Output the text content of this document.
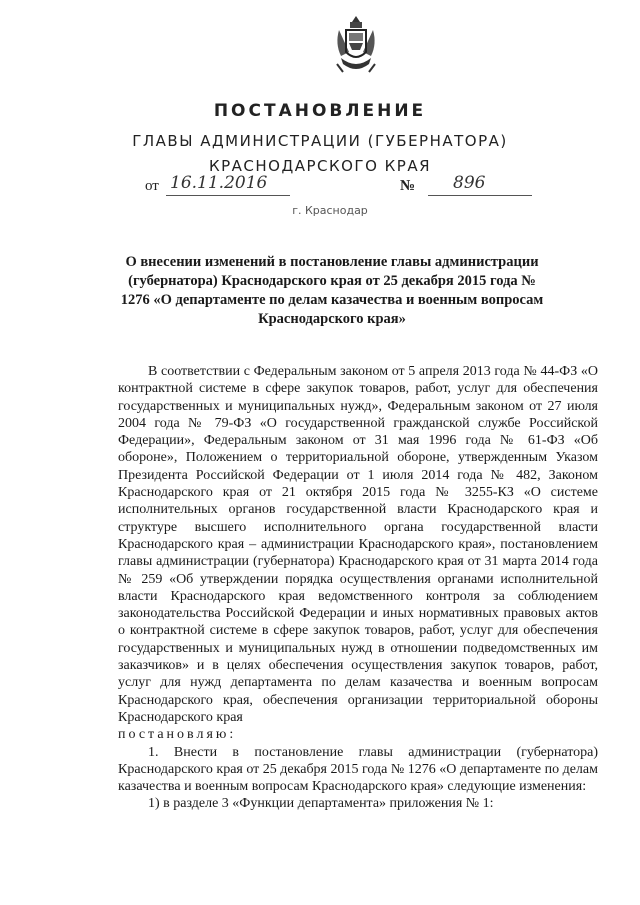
ПОСТАНОВЛЕНИЕ
ГЛАВЫ АДМИНИСТРАЦИИ (ГУБЕРНАТОРА)
КРАСНОДАРСКОГО КРАЯ
от 16.11.2016	№ 896
г. Краснодар
О внесении изменений в постановление главы администрации (губернатора) Краснодарского края от 25 декабря 2015 года № 1276 «О департаменте по делам казачества и военным вопросам Краснодарского края»

В соответствии с Федеральным законом от 5 апреля 2013 года № 44-ФЗ «О контрактной системе в сфере закупок товаров, работ, услуг для обеспечения государственных и муниципальных нужд», Федеральным законом от 27 июля 2004 года № 79-ФЗ «О государственной гражданской службе Российской Федерации», Федеральным законом от 31 мая 1996 года № 61-ФЗ «Об обороне», Положением о территориальной обороне, утвержденным Указом Президента Российской Федерации от 1 июля 2014 года № 482, Законом Краснодарского края от 21 октября 2015 года № 3255-КЗ «О системе исполнительных органов государственной власти Краснодарского края и структуре высшего исполнительного органа государственной власти Краснодарского края – администрации Краснодарского края», постановлением главы администрации (губернатора) Краснодарского края от 31 марта 2014 года № 259 «Об утверждении порядка осуществления органами исполнительной власти Краснодарского края ведомственного контроля за соблюдением законодательства Российской Федерации и иных нормативных правовых актов о контрактной системе в сфере закупок товаров, работ, услуг для обеспечения государственных и муниципальных нужд в отношении подведомственных им заказчиков» и в целях обеспечения осуществления закупок товаров, работ, услуг для нужд департамента по делам казачества и военным вопросам Краснодарского края, обеспечения организации территориальной обороны Краснодарского края

постановляю:

1. Внести в постановление главы администрации (губернатора) Краснодарского края от 25 декабря 2015 года № 1276 «О департаменте по делам казачества и военным вопросам Краснодарского края» следующие изменения:

1) в разделе 3 «Функции департамента» приложения № 1:
